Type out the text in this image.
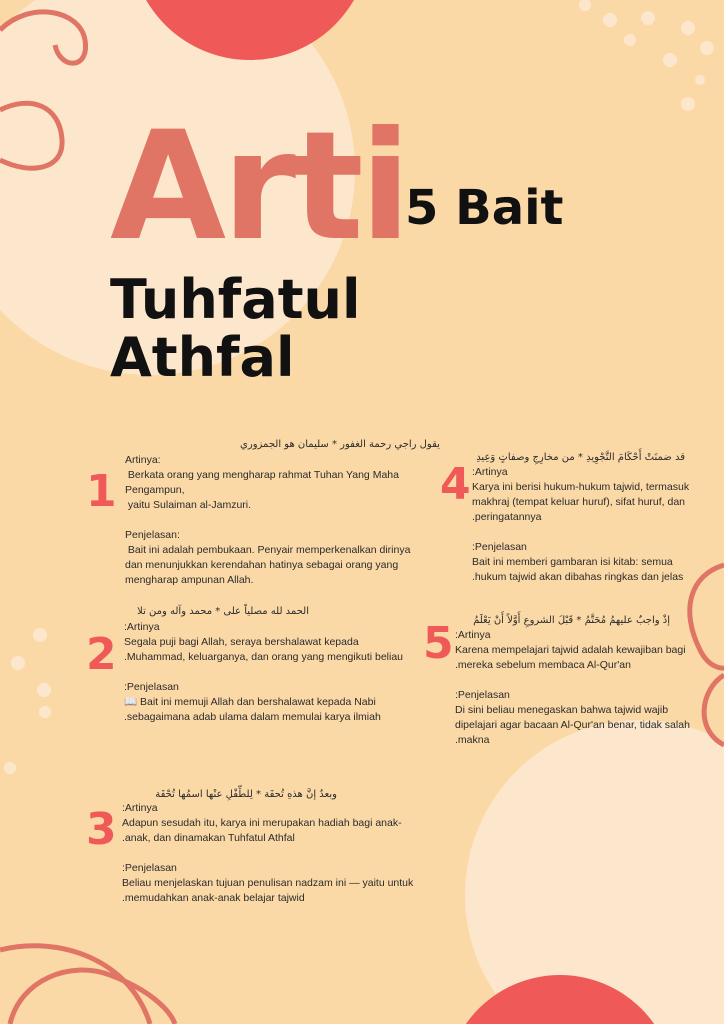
Arti
5 Bait
Tuhfatul
Athfal
1
يقول راجي رحمة الغفور * سليمان هو الجمزوري
Artinya:
Berkata orang yang mengharap rahmat Tuhan Yang Maha
Pengampun,
yaitu Sulaiman al-Jamzuri.

Penjelasan:
Bait ini adalah pembukaan. Penyair memperkenalkan dirinya
dan menunjukkan kerendahan hatinya sebagai orang yang
mengharap ampunan Allah.
2
الحمد لله مصلياً على * محمد وآله ومن تلا
:Artinya
Segala puji bagi Allah, seraya bershalawat kepada
.Muhammad, keluarganya, dan orang yang mengikuti beliau

:Penjelasan
📖 Bait ini memuji Allah dan bershalawat kepada Nabi
.sebagaimana adab ulama dalam memulai karya ilmiah
3
وبعدُ إنَّ هذهِ تُحفَة * لِلطِّفْلِ عنْها اسمُها تُحْفَة
:Artinya
Adapun sesudah itu, karya ini merupakan hadiah bagi anak-
.anak, dan dinamakan Tuhfatul Athfal

:Penjelasan
Beliau menjelaskan tujuan penulisan nadzam ini — yaitu untuk
.memudahkan anak-anak belajar tajwid
4
قد ضمنَتْ أَحْكَامَ التَّجْوِيدِ * من مخارِجِ وصفاتٍ وَعِيدِ
:Artinya
Karya ini berisi hukum-hukum tajwid, termasuk
makhraj (tempat keluar huruf), sifat huruf, dan
.peringatannya

:Penjelasan
Bait ini memberi gambaran isi kitab: semua
.hukum tajwid akan dibahas ringkas dan jelas
5	إذْ واجبٌ عليهمُ مُحَتَّمُ * قَبْلَ الشروعِ أَوَّلاً أَنْ يَعْلَمُ
:Artinya
Karena mempelajari tajwid adalah kewajiban bagi
.mereka sebelum membaca Al-Qur'an

:Penjelasan
Di sini beliau menegaskan bahwa tajwid wajib
dipelajari agar bacaan Al-Qur'an benar, tidak salah
.makna
